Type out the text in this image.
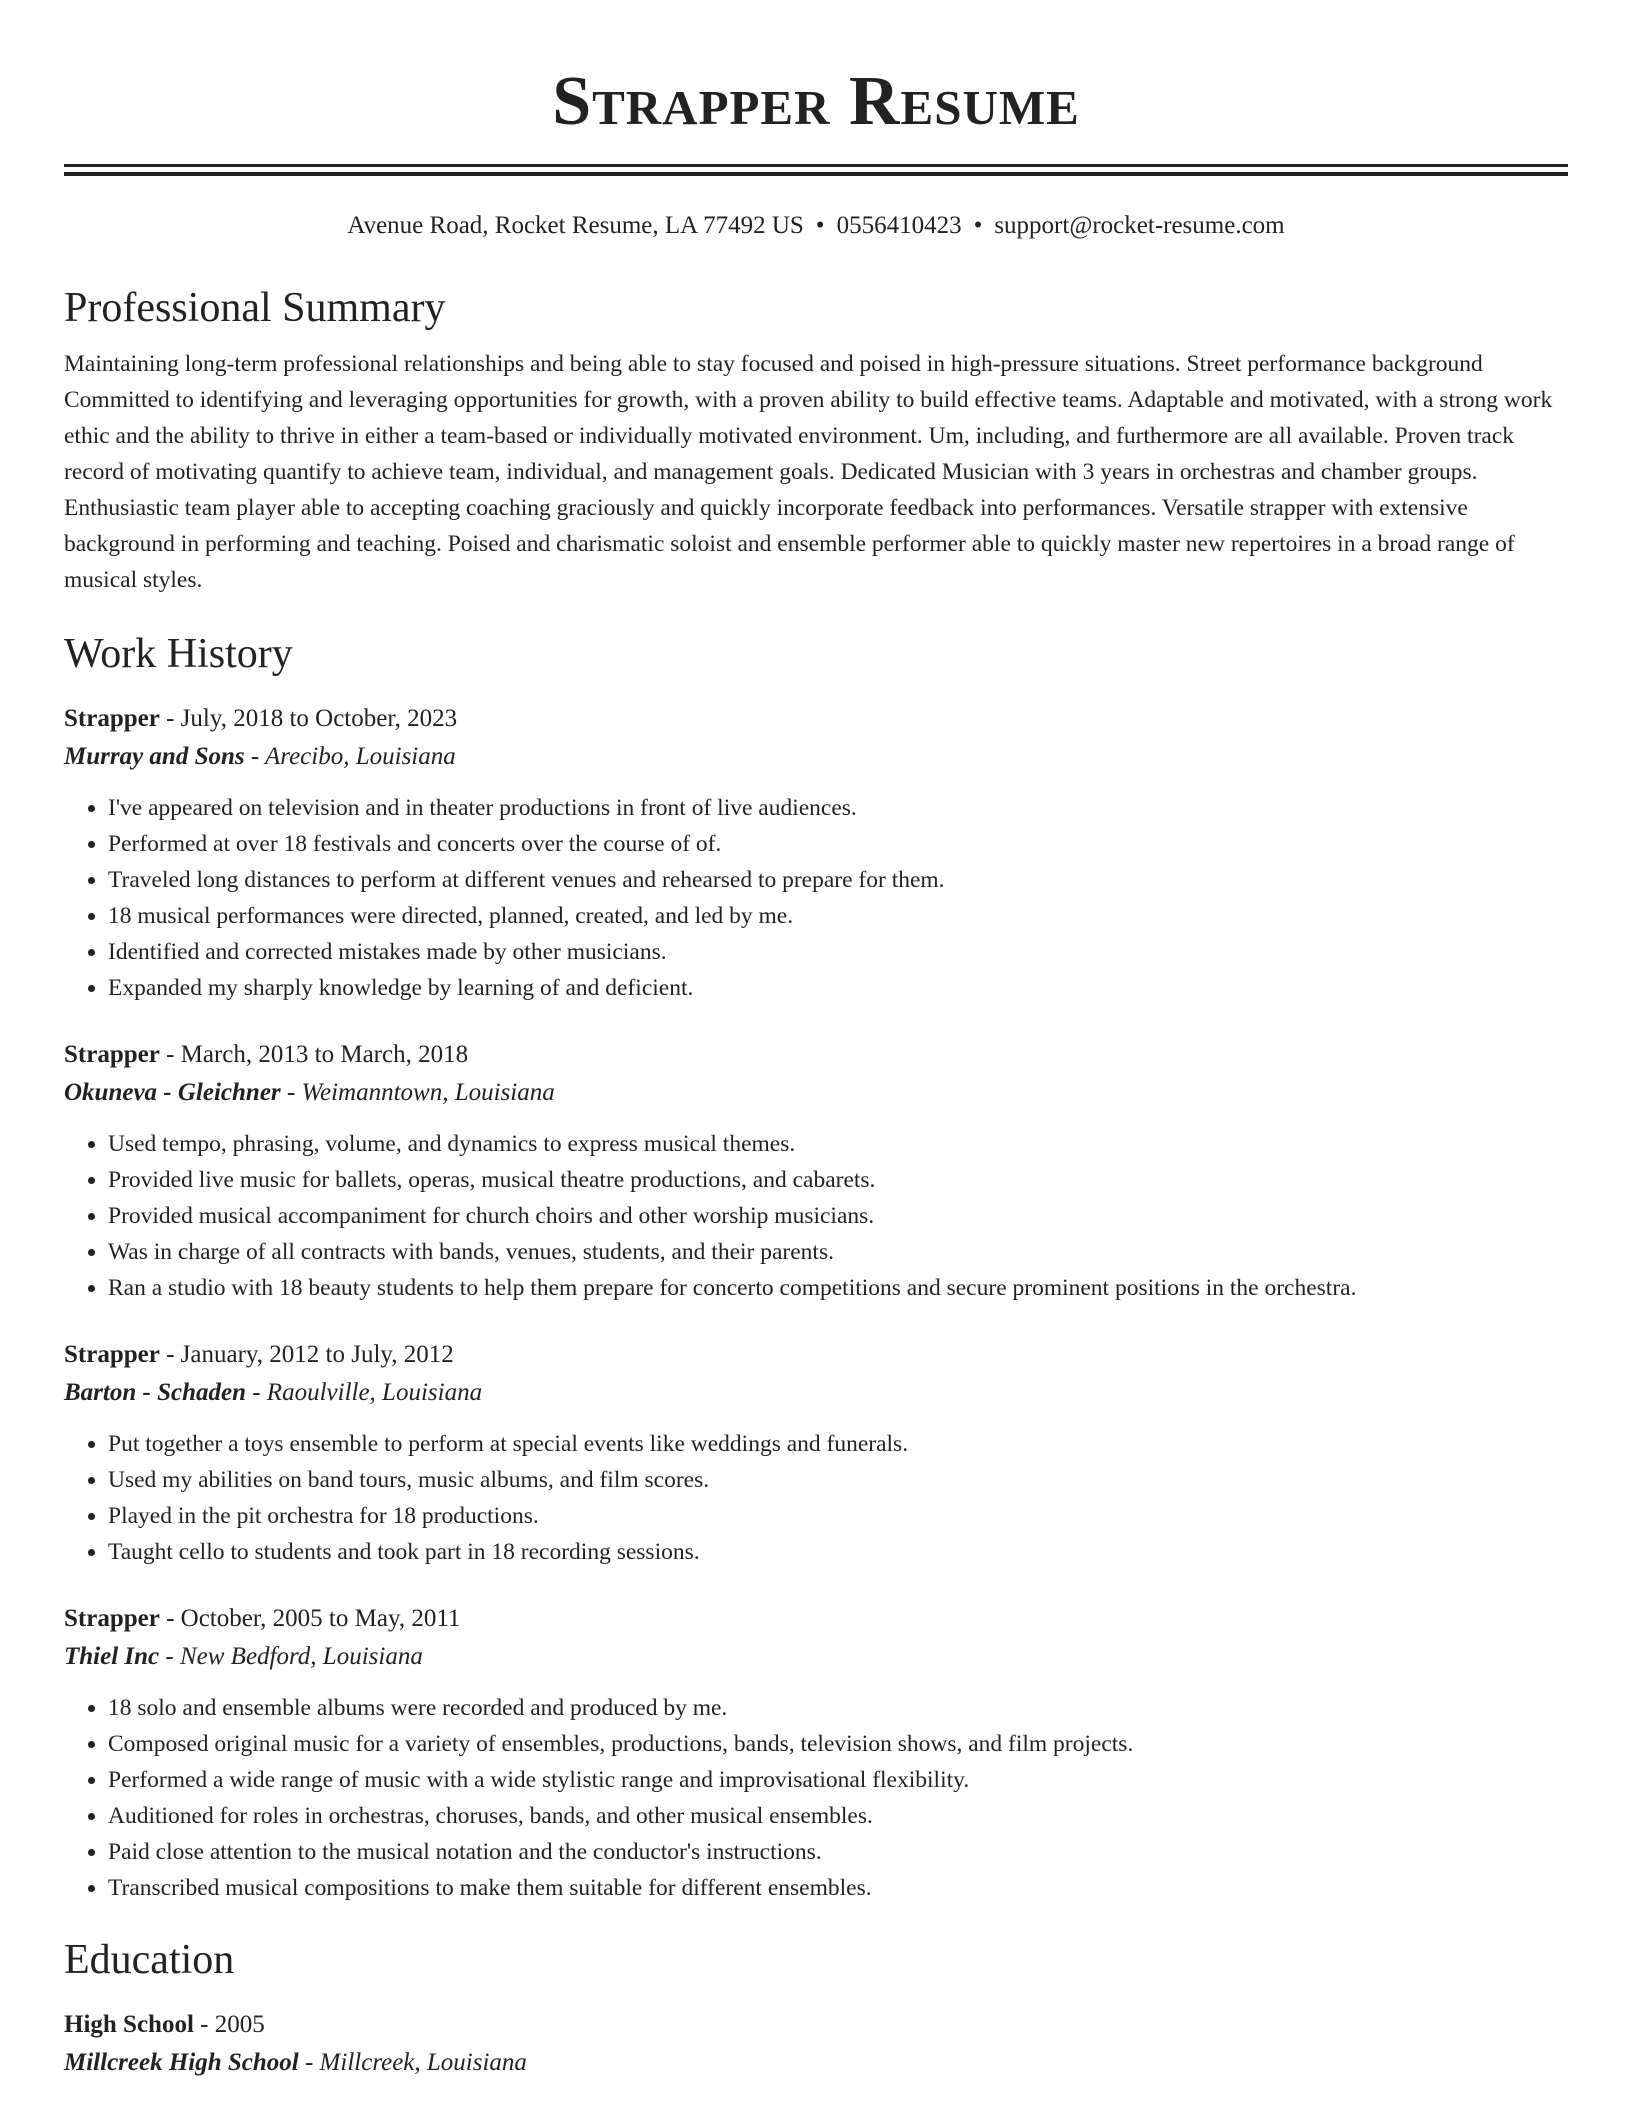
Strapper Resume
Avenue Road, Rocket Resume, LA 77492 US • 0556410423 • support@rocket-resume.com
Professional Summary
Maintaining long-term professional relationships and being able to stay focused and poised in high-pressure situations. Street performance background Committed to identifying and leveraging opportunities for growth, with a proven ability to build effective teams. Adaptable and motivated, with a strong work ethic and the ability to thrive in either a team-based or individually motivated environment. Um, including, and furthermore are all available. Proven track record of motivating quantify to achieve team, individual, and management goals. Dedicated Musician with 3 years in orchestras and chamber groups. Enthusiastic team player able to accepting coaching graciously and quickly incorporate feedback into performances. Versatile strapper with extensive background in performing and teaching. Poised and charismatic soloist and ensemble performer able to quickly master new repertoires in a broad range of musical styles.
Work History
Strapper - July, 2018 to October, 2023
Murray and Sons - Arecibo, Louisiana
• I've appeared on television and in theater productions in front of live audiences.
• Performed at over 18 festivals and concerts over the course of of.
• Traveled long distances to perform at different venues and rehearsed to prepare for them.
• 18 musical performances were directed, planned, created, and led by me.
• Identified and corrected mistakes made by other musicians.
• Expanded my sharply knowledge by learning of and deficient.
Strapper - March, 2013 to March, 2018
Okuneva - Gleichner - Weimanntown, Louisiana
• Used tempo, phrasing, volume, and dynamics to express musical themes.
• Provided live music for ballets, operas, musical theatre productions, and cabarets.
• Provided musical accompaniment for church choirs and other worship musicians.
• Was in charge of all contracts with bands, venues, students, and their parents.
• Ran a studio with 18 beauty students to help them prepare for concerto competitions and secure prominent positions in the orchestra.
Strapper - January, 2012 to July, 2012
Barton - Schaden - Raoulville, Louisiana
• Put together a toys ensemble to perform at special events like weddings and funerals.
• Used my abilities on band tours, music albums, and film scores.
• Played in the pit orchestra for 18 productions.
• Taught cello to students and took part in 18 recording sessions.
Strapper - October, 2005 to May, 2011
Thiel Inc - New Bedford, Louisiana
• 18 solo and ensemble albums were recorded and produced by me.
• Composed original music for a variety of ensembles, productions, bands, television shows, and film projects.
• Performed a wide range of music with a wide stylistic range and improvisational flexibility.
• Auditioned for roles in orchestras, choruses, bands, and other musical ensembles.
• Paid close attention to the musical notation and the conductor's instructions.
• Transcribed musical compositions to make them suitable for different ensembles.
Education
High School - 2005
Millcreek High School - Millcreek, Louisiana
